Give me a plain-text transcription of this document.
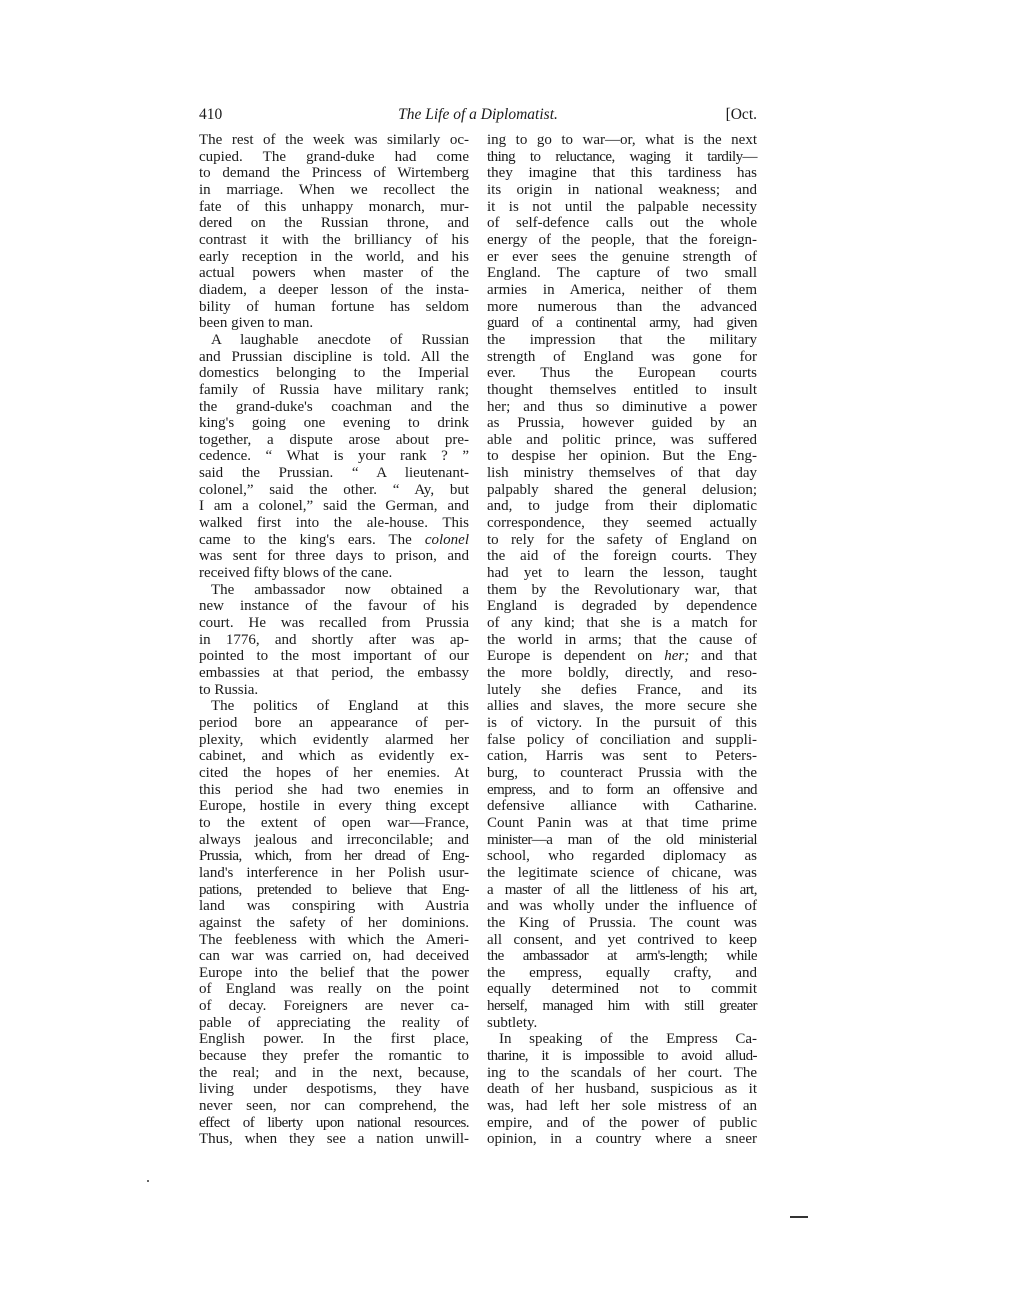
410	The Life of a Diplomatist.	[Oct.
The rest of the week was similarly oc-
cupied. The grand-duke had come
to demand the Princess of Wirtemberg
in marriage. When we recollect the
fate of this unhappy monarch, mur-
dered on the Russian throne, and
contrast it with the brilliancy of his
early reception in the world, and his
actual powers when master of the
diadem, a deeper lesson of the insta-
bility of human fortune has seldom
been given to man.
A laughable anecdote of Russian
and Prussian discipline is told. All the
domestics belonging to the Imperial
family of Russia have military rank;
the grand-duke's coachman and the
king's going one evening to drink
together, a dispute arose about pre-
cedence. “ What is your rank ? ”
said the Prussian. “ A lieutenant-
colonel,” said the other. “ Ay, but
I am a colonel,” said the German, and
walked first into the ale-house. This
came to the king's ears. The colonel
was sent for three days to prison, and
received fifty blows of the cane.
The ambassador now obtained a
new instance of the favour of his
court. He was recalled from Prussia
in 1776, and shortly after was ap-
pointed to the most important of our
embassies at that period, the embassy
to Russia.
The politics of England at this
period bore an appearance of per-
plexity, which evidently alarmed her
cabinet, and which as evidently ex-
cited the hopes of her enemies. At
this period she had two enemies in
Europe, hostile in every thing except
to the extent of open war—France,
always jealous and irreconcilable; and
Prussia, which, from her dread of Eng-
land's interference in her Polish usur-
pations, pretended to believe that Eng-
land was conspiring with Austria
against the safety of her dominions.
The feebleness with which the Ameri-
can war was carried on, had deceived
Europe into the belief that the power
of England was really on the point
of decay. Foreigners are never ca-
pable of appreciating the reality of
English power. In the first place,
because they prefer the romantic to
the real; and in the next, because,
living under despotisms, they have
never seen, nor can comprehend, the
effect of liberty upon national resources.
Thus, when they see a nation unwill-
ing to go to war—or, what is the next
thing to reluctance, waging it tardily—
they imagine that this tardiness has
its origin in national weakness; and
it is not until the palpable necessity
of self-defence calls out the whole
energy of the people, that the foreign-
er ever sees the genuine strength of
England. The capture of two small
armies in America, neither of them
more numerous than the advanced
guard of a continental army, had given
the impression that the military
strength of England was gone for
ever. Thus the European courts
thought themselves entitled to insult
her; and thus so diminutive a power
as Prussia, however guided by an
able and politic prince, was suffered
to despise her opinion. But the Eng-
lish ministry themselves of that day
palpably shared the general delusion;
and, to judge from their diplomatic
correspondence, they seemed actually
to rely for the safety of England on
the aid of the foreign courts. They
had yet to learn the lesson, taught
them by the Revolutionary war, that
England is degraded by dependence
of any kind; that she is a match for
the world in arms; that the cause of
Europe is dependent on her; and that
the more boldly, directly, and reso-
lutely she defies France, and its
allies and slaves, the more secure she
is of victory. In the pursuit of this
false policy of conciliation and suppli-
cation, Harris was sent to Peters-
burg, to counteract Prussia with the
empress, and to form an offensive and
defensive alliance with Catharine.
Count Panin was at that time prime
minister—a man of the old ministerial
school, who regarded diplomacy as
the legitimate science of chicane, was
a master of all the littleness of his art,
and was wholly under the influence of
the King of Prussia. The count was
all consent, and yet contrived to keep
the ambassador at arm's-length; while
the empress, equally crafty, and
equally determined not to commit
herself, managed him with still greater
subtlety.
In speaking of the Empress Ca-
tharine, it is impossible to avoid allud-
ing to the scandals of her court. The
death of her husband, suspicious as it
was, had left her sole mistress of an
empire, and of the power of public
opinion, in a country where a sneer
